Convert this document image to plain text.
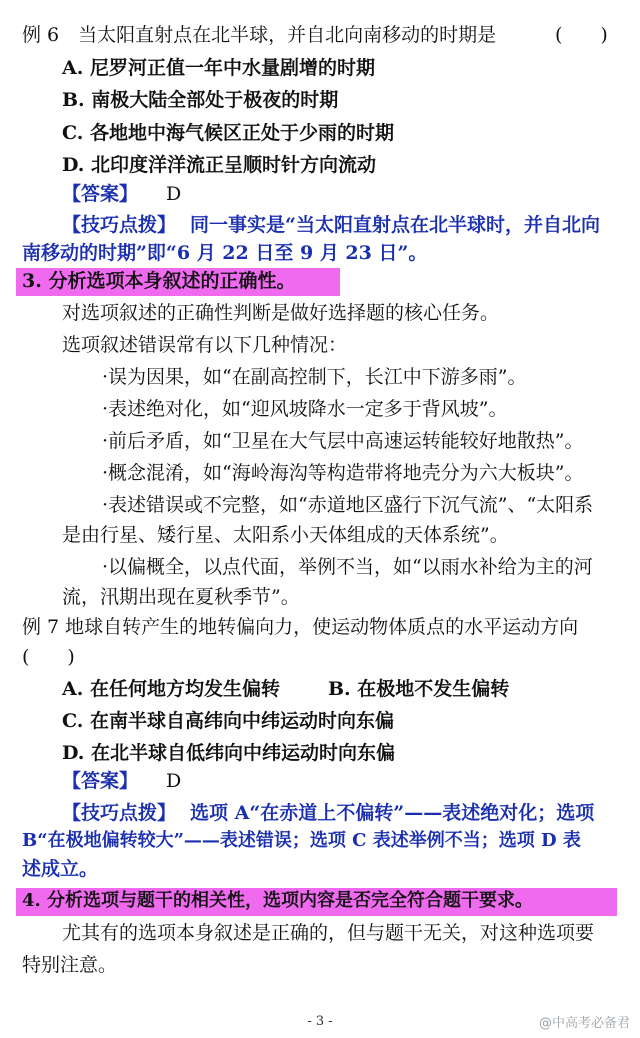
例 6　当太阳直射点在北半球，并自北向南移动的时期是	(　　)
A. 尼罗河正值一年中水量剧增的时期
B. 南极大陆全部处于极夜的时期
C. 各地地中海气候区正处于少雨的时期
D. 北印度洋洋流正呈顺时针方向流动
【答案】 D
【技巧点拨】 同一事实是“当太阳直射点在北半球时，并自北向
南移动的时期”即“6 月 22 日至 9 月 23 日”。
3. 分析选项本身叙述的正确性。
对选项叙述的正确性判断是做好选择题的核心任务。
选项叙述错误常有以下几种情况：
·误为因果，如“在副高控制下，长江中下游多雨”。
·表述绝对化，如“迎风坡降水一定多于背风坡”。
·前后矛盾，如“卫星在大气层中高速运转能较好地散热”。
·概念混淆，如“海岭海沟等构造带将地壳分为六大板块”。
·表述错误或不完整，如“赤道地区盛行下沉气流”、“太阳系
是由行星、矮行星、太阳系小天体组成的天体系统”。
·以偏概全，以点代面，举例不当，如“以雨水补给为主的河
流，汛期出现在夏秋季节”。
例 7 地球自转产生的地转偏向力，使运动物体质点的水平运动方向
(　　)
A. 在任何地方均发生偏转	B. 在极地不发生偏转
C. 在南半球自高纬向中纬运动时向东偏
D. 在北半球自低纬向中纬运动时向东偏
【答案】 D
【技巧点拨】 选项 A“在赤道上不偏转”——表述绝对化；选项
B“在极地偏转较大”——表述错误；选项 C 表述举例不当；选项 D 表
述成立。
4. 分析选项与题干的相关性，选项内容是否完全符合题干要求。
尤其有的选项本身叙述是正确的，但与题干无关，对这种选项要
特别注意。
- 3 -	@中高考必备君
